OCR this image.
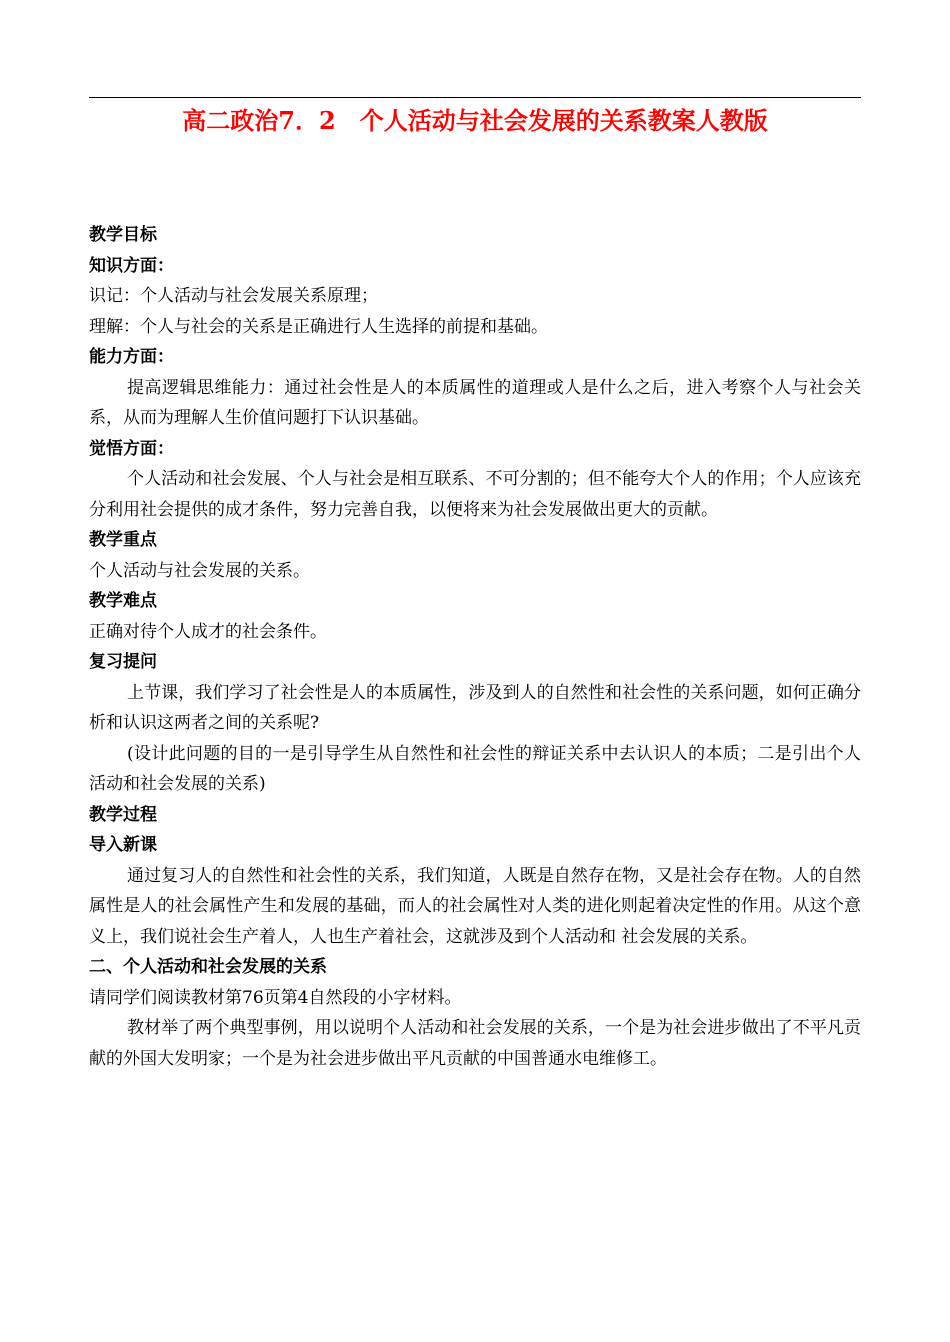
高二政治7．2　个人活动与社会发展的关系教案人教版

教学目标

知识方面：

识记：个人活动与社会发展关系原理；

理解：个人与社会的关系是正确进行人生选择的前提和基础。

能力方面：

提高逻辑思维能力：通过社会性是人的本质属性的道理或人是什么之后，进入考察个人与社会关系，从而为理解人生价值问题打下认识基础。

觉悟方面：

个人活动和社会发展、个人与社会是相互联系、不可分割的；但不能夸大个人的作用；个人应该充分利用社会提供的成才条件，努力完善自我，以便将来为社会发展做出更大的贡献。

教学重点

个人活动与社会发展的关系。

教学难点

正确对待个人成才的社会条件。

复习提问

上节课，我们学习了社会性是人的本质属性，涉及到人的自然性和社会性的关系问题，如何正确分析和认识这两者之间的关系呢?

(设计此问题的目的一是引导学生从自然性和社会性的辩证关系中去认识人的本质；二是引出个人活动和社会发展的关系)

教学过程

导入新课

通过复习人的自然性和社会性的关系，我们知道，人既是自然存在物，又是社会存在物。人的自然属性是人的社会属性产生和发展的基础，而人的社会属性对人类的进化则起着决定性的作用。从这个意义上，我们说社会生产着人，人也生产着社会，这就涉及到个人活动和 社会发展的关系。

二、个人活动和社会发展的关系

请同学们阅读教材第76页第4自然段的小字材料。

教材举了两个典型事例，用以说明个人活动和社会发展的关系，一个是为社会进步做出了不平凡贡献的外国大发明家；一个是为社会进步做出平凡贡献的中国普通水电维修工。
